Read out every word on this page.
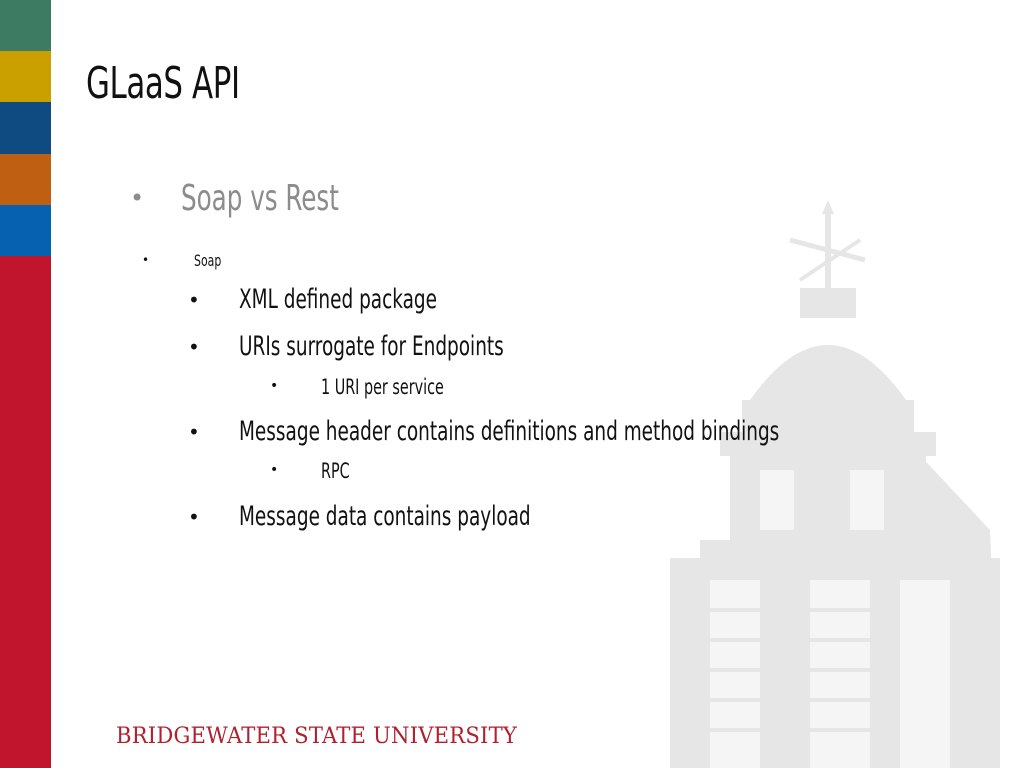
GLaaS API
• Soap vs Rest
•	Soap
• XML defined package
• URIs surrogate for Endpoints
• 1 URI per service
• Message header contains definitions and method bindings
• RPC
• Message data contains payload
BRIDGEWATER STATE UNIVERSITY
